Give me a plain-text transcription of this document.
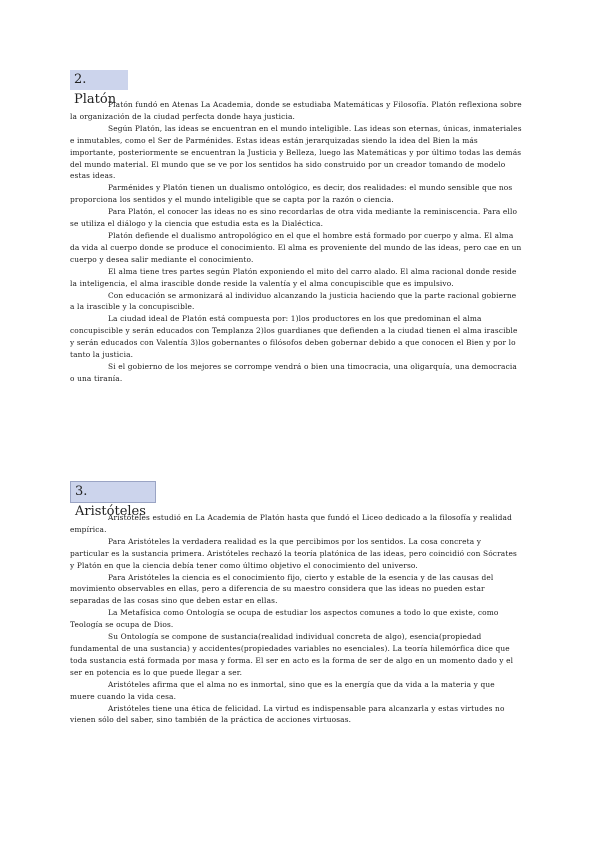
2. Platón

Platón fundó en Atenas La Academia, donde se estudiaba Matemáticas y Filosofía. Platón reflexiona sobre la organización de la ciudad perfecta donde haya justicia.

Según Platón, las ideas se encuentran en el mundo inteligible. Las ideas son eternas, únicas, inmateriales e inmutables, como el Ser de Parménides. Estas ideas están jerarquizadas siendo la idea del Bien la más importante, posteriormente se encuentran la Justicia y Belleza, luego las Matemáticas y por último todas las demás del mundo material. El mundo que se ve por los sentidos ha sido construido por un creador tomando de modelo estas ideas.

Parménides y Platón tienen un dualismo ontológico, es decir, dos realidades: el mundo sensible que nos proporciona los sentidos y el mundo inteligible que se capta por la razón o ciencia.

Para Platón, el conocer las ideas no es sino recordarlas de otra vida mediante la reminiscencia. Para ello se utiliza el diálogo y la ciencia que estudia esta es la Dialéctica.

Platón defiende el dualismo antropológico en el que el hombre está formado por cuerpo y alma. El alma da vida al cuerpo donde se produce el conocimiento. El alma es proveniente del mundo de las ideas, pero cae en un cuerpo y desea salir mediante el conocimiento.

El alma tiene tres partes según Platón exponiendo el mito del carro alado. El alma racional donde reside la inteligencia, el alma irascible donde reside la valentía y el alma concupiscible que es impulsivo.

Con educación se armonizará al individuo alcanzando la justicia haciendo que la parte racional gobierne a la irascible y la concupiscible.

La ciudad ideal de Platón está compuesta por: 1)los productores en los que predominan el alma concupiscible y serán educados con Templanza 2)los guardianes que defienden a la ciudad tienen el alma irascible y serán educados con Valentía 3)los gobernantes o filósofos deben gobernar debido a que conocen el Bien y por lo tanto la justicia.

Si el gobierno de los mejores se corrompe vendrá o bien una timocracia, una oligarquía, una democracia o una tiranía.

3. Aristóteles

Aristóteles estudió en La Academia de Platón hasta que fundó el Liceo dedicado a la filosofía y realidad empírica.

Para Aristóteles la verdadera realidad es la que percibimos por los sentidos. La cosa concreta y particular es la sustancia primera. Aristóteles rechazó la teoría platónica de las ideas, pero coincidió con Sócrates y Platón en que la ciencia debía tener como último objetivo el conocimiento del universo.

Para Aristóteles la ciencia es el conocimiento fijo, cierto y estable de la esencia y de las causas del movimiento observables en ellas, pero a diferencia de su maestro considera que las ideas no pueden estar separadas de las cosas sino que deben estar en ellas.

La Metafísica como Ontología se ocupa de estudiar los aspectos comunes a todo lo que existe, como Teología se ocupa de Dios.

Su Ontología se compone de sustancia(realidad individual concreta de algo), esencia(propiedad fundamental de una sustancia) y accidentes(propiedades variables no esenciales). La teoría hilemórfica dice que toda sustancia está formada por masa y forma. El ser en acto es la forma de ser de algo en un momento dado y el ser en potencia es lo que puede llegar a ser.

Aristóteles afirma que el alma no es inmortal, sino que es la energía que da vida a la materia y que muere cuando la vida cesa.

Aristóteles tiene una ética de felicidad. La virtud es indispensable para alcanzarla y estas virtudes no vienen sólo del saber, sino también de la práctica de acciones virtuosas.
